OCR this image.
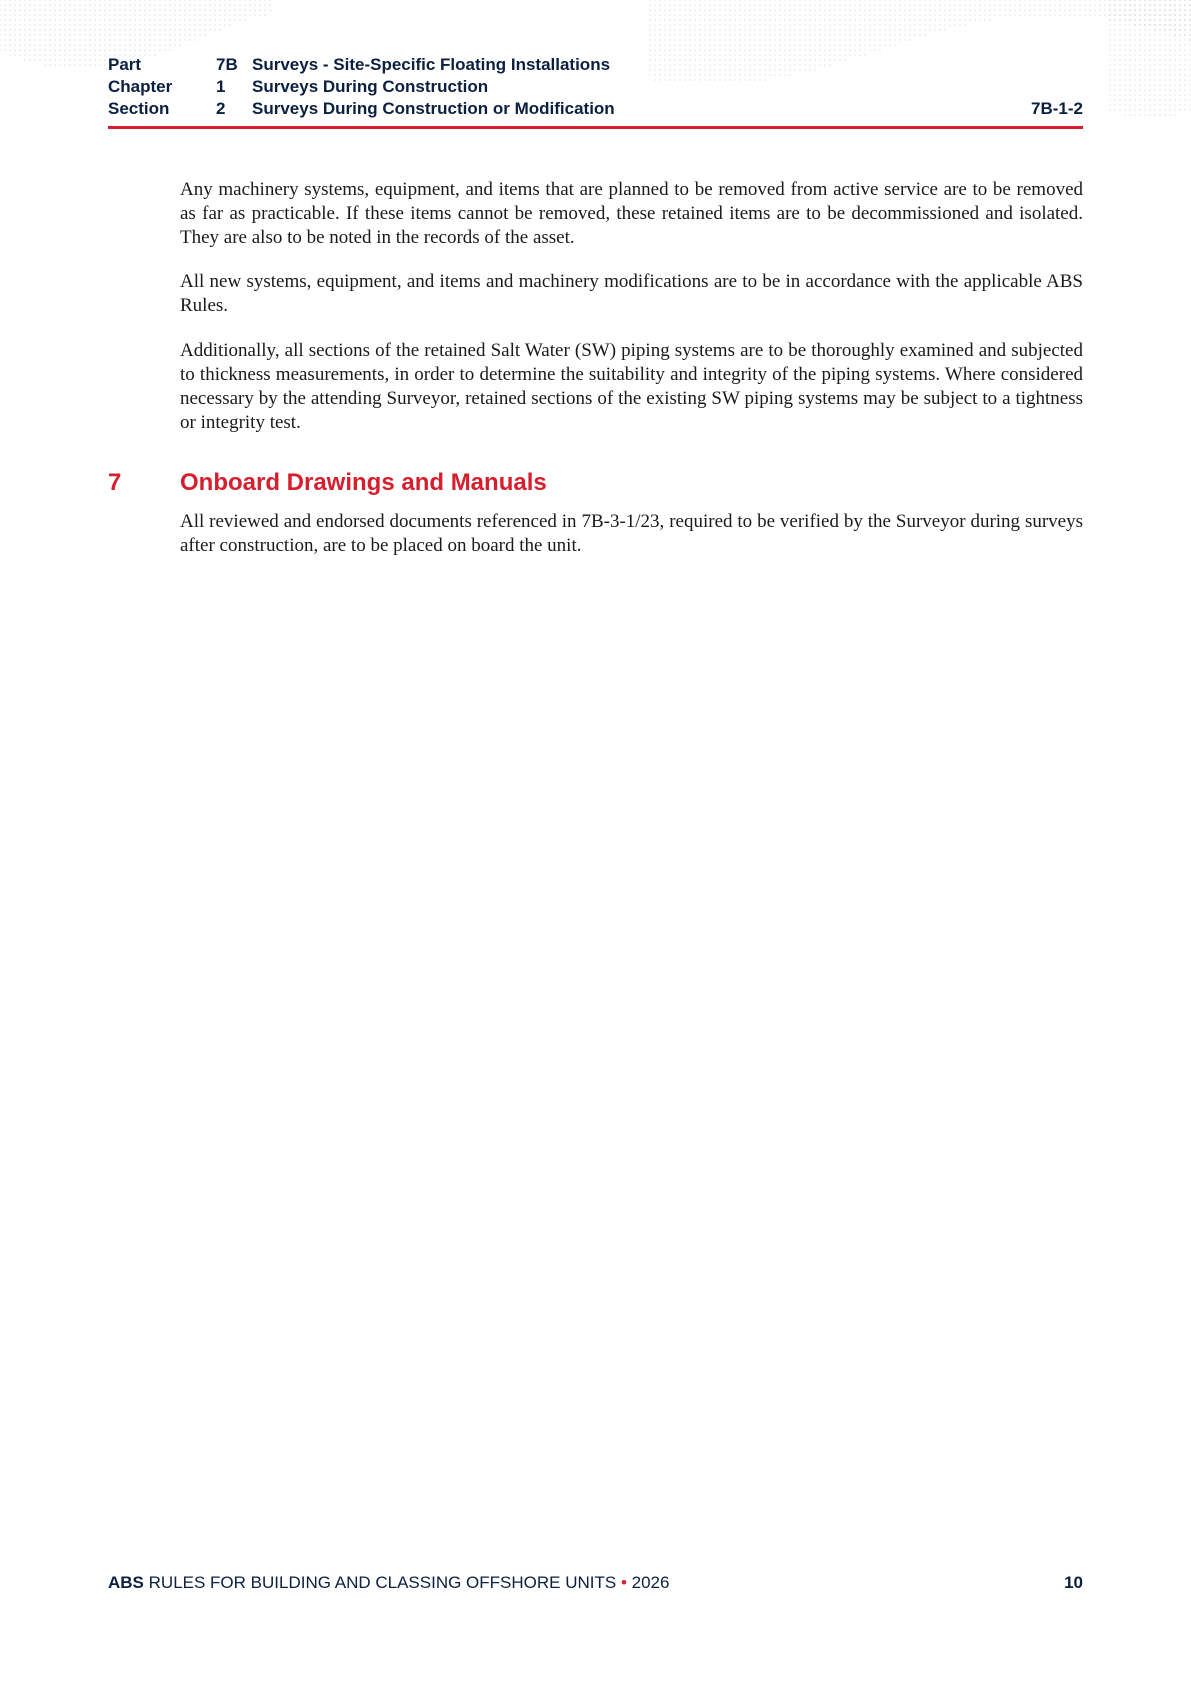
Part	7B Surveys - Site-Specific Floating Installations
Chapter	1	Surveys During Construction
Section	2	Surveys During Construction or Modification	7B-1-2

Any machinery systems, equipment, and items that are planned to be removed from active service are to be removed as far as practicable. If these items cannot be removed, these retained items are to be decommissioned and isolated. They are also to be noted in the records of the asset.

All new systems, equipment, and items and machinery modifications are to be in accordance with the applicable ABS Rules.

Additionally, all sections of the retained Salt Water (SW) piping systems are to be thoroughly examined and subjected to thickness measurements, in order to determine the suitability and integrity of the piping systems. Where considered necessary by the attending Surveyor, retained sections of the existing SW piping systems may be subject to a tightness or integrity test.

7 Onboard Drawings and Manuals

All reviewed and endorsed documents referenced in 7B-3-1/23, required to be verified by the Surveyor during surveys after construction, are to be placed on board the unit.

ABS RULES FOR BUILDING AND CLASSING OFFSHORE UNITS • 2026	10
